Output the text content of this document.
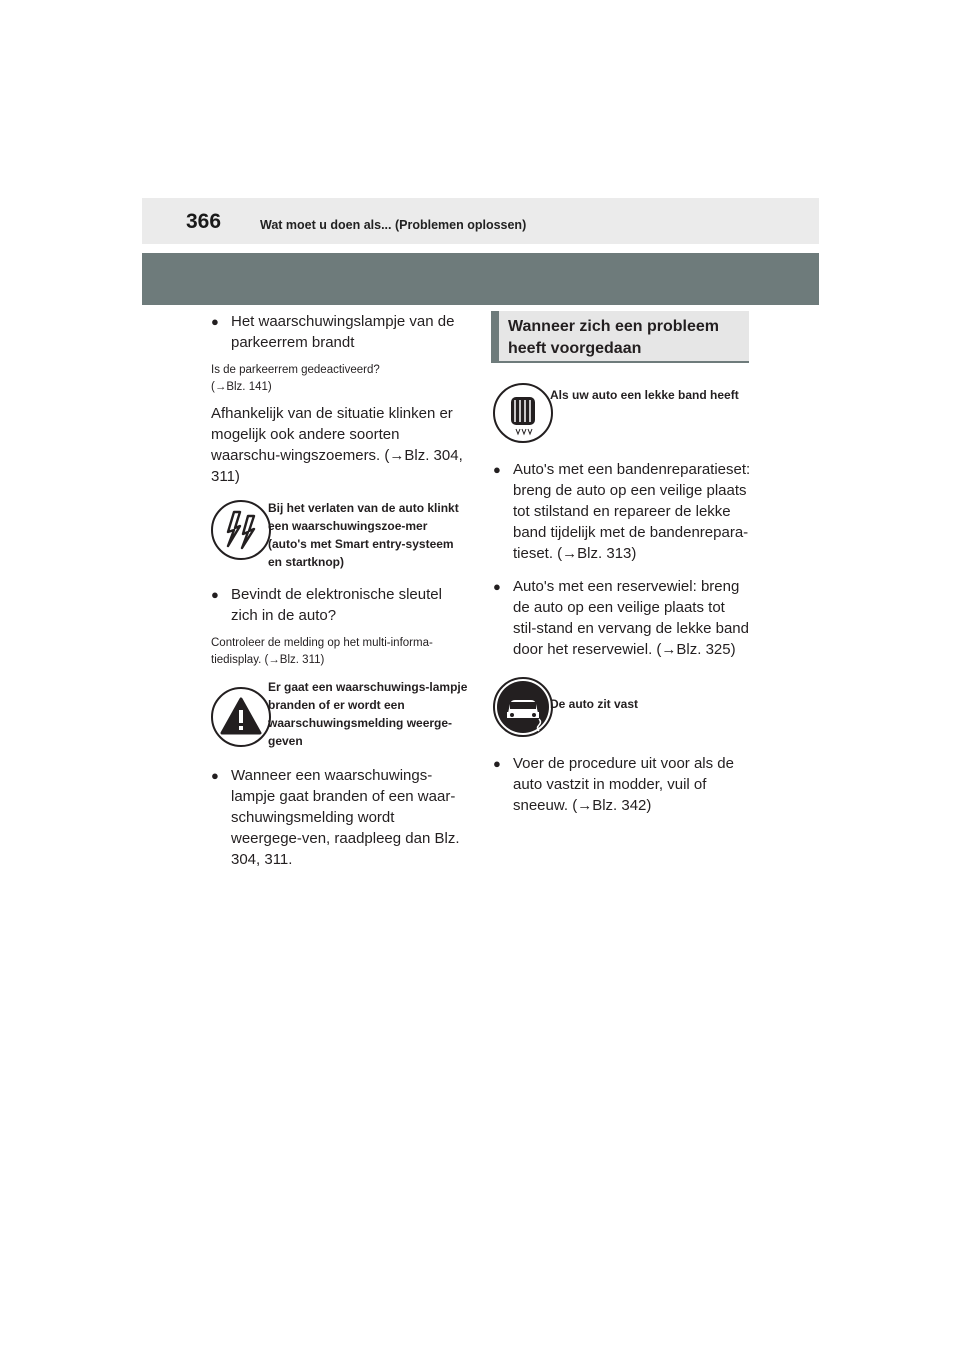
366	Wat moet u doen als... (Problemen oplossen)
● Het waarschuwingslampje van de parkeerrem brandt
Is de parkeerrem gedeactiveerd?
(→Blz. 141)
Afhankelijk van de situatie klinken er mogelijk ook andere soorten waarschu-wingszoemers. (→Blz. 304, 311)
Bij het verlaten van de auto klinkt een waarschuwingszoe-mer (auto's met Smart entry-systeem en startknop)
● Bevindt de elektronische sleutel zich in de auto?
Controleer de melding op het multi-informa-tiedisplay. (→Blz. 311)
Er gaat een waarschuwings-lampje branden of er wordt een waarschuwingsmelding weerge-geven
● Wanneer een waarschuwings-lampje gaat branden of een waar-schuwingsmelding wordt weergege-ven, raadpleeg dan Blz. 304, 311.
Wanneer zich een probleem heeft voorgedaan
Als uw auto een lekke band heeft
● Auto's met een bandenreparatieset: breng de auto op een veilige plaats tot stilstand en repareer de lekke band tijdelijk met de bandenrepara-tieset. (→Blz. 313)
● Auto's met een reservewiel: breng de auto op een veilige plaats tot stil-stand en vervang de lekke band door het reservewiel. (→Blz. 325)
De auto zit vast
● Voer de procedure uit voor als de auto vastzit in modder, vuil of sneeuw. (→Blz. 342)
